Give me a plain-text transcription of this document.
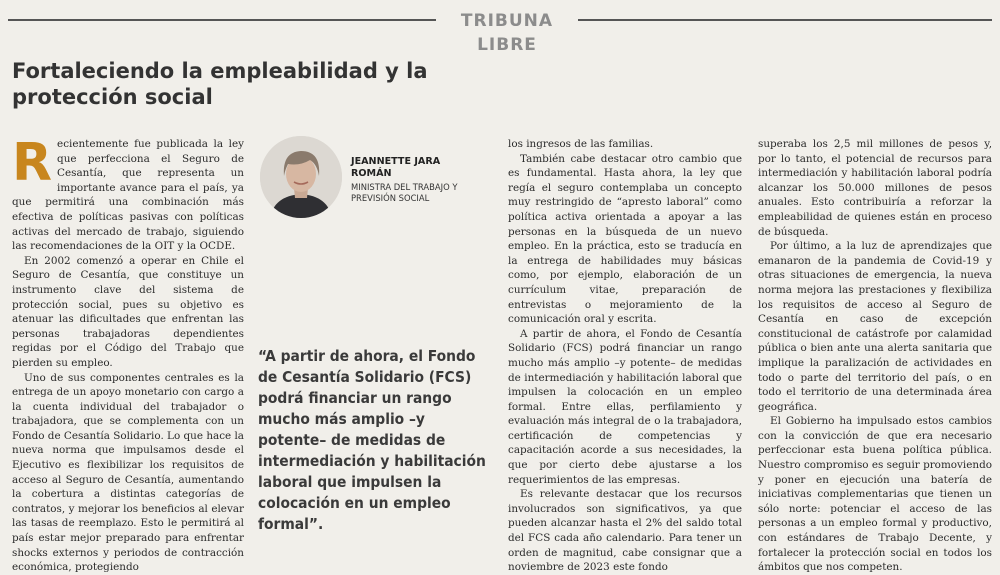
TRIBUNA LIBRE
Fortaleciendo la empleabilidad y la protección social

Recientemente fue publicada la ley que perfecciona el Seguro de Cesantía, que representa un importante avance para el país, ya que permitirá una combinación más efectiva de políticas pasivas con políticas activas del mercado de trabajo, siguiendo las recomendaciones de la OIT y la OCDE.

En 2002 comenzó a operar en Chile el Seguro de Cesantía, que constituye un instrumento clave del sistema de protección social, pues su objetivo es atenuar las dificultades que enfrentan las personas trabajadoras dependientes regidas por el Código del Trabajo que pierden su empleo.

Uno de sus componentes centrales es la entrega de un apoyo monetario con cargo a la cuenta individual del trabajador o trabajadora, que se complementa con un Fondo de Cesantía Solidario. Lo que hace la nueva norma que impulsamos desde el Ejecutivo es flexibilizar los requisitos de acceso al Seguro de Cesantía, aumentando la cobertura a distintas categorías de contratos, y mejorar los beneficios al elevar las tasas de reemplazo. Esto le permitirá al país estar mejor preparado para enfrentar shocks externos y periodos de contracción económica, protegiendo

JEANNETTE JARA ROMÁN

MINISTRA DEL TRABAJO Y PREVISIÓN SOCIAL

“A partir de ahora, el Fondo de Cesantía Solidario (FCS) podrá financiar un rango mucho más amplio –y potente– de medidas de intermediación y habilitación laboral que impulsen la colocación en un empleo formal”.

los ingresos de las familias.

También cabe destacar otro cambio que es fundamental. Hasta ahora, la ley que regía el seguro contemplaba un concepto muy restringido de “apresto laboral” como política activa orientada a apoyar a las personas en la búsqueda de un nuevo empleo. En la práctica, esto se traducía en la entrega de habilidades muy básicas como, por ejemplo, elaboración de un currículum vitae, preparación de entrevistas o mejoramiento de la comunicación oral y escrita.

A partir de ahora, el Fondo de Cesantía Solidario (FCS) podrá financiar un rango mucho más amplio –y potente– de medidas de intermediación y habilitación laboral que impulsen la colocación en un empleo formal. Entre ellas, perfilamiento y evaluación más integral de o la trabajadora, certificación de competencias y capacitación acorde a sus necesidades, la que por cierto debe ajustarse a los requerimientos de las empresas.

Es relevante destacar que los recursos involucrados son significativos, ya que pueden alcanzar hasta el 2% del saldo total del FCS cada año calendario. Para tener un orden de magnitud, cabe consignar que a noviembre de 2023 este fondo

superaba los 2,5 mil millones de pesos y, por lo tanto, el potencial de recursos para intermediación y habilitación laboral podría alcanzar los 50.000 millones de pesos anuales. Esto contribuiría a reforzar la empleabilidad de quienes están en proceso de búsqueda.

Por último, a la luz de aprendizajes que emanaron de la pandemia de Covid-19 y otras situaciones de emergencia, la nueva norma mejora las prestaciones y flexibiliza los requisitos de acceso al Seguro de Cesantía en caso de excepción constitucional de catástrofe por calamidad pública o bien ante una alerta sanitaria que implique la paralización de actividades en todo o parte del territorio del país, o en todo el territorio de una determinada área geográfica.

El Gobierno ha impulsado estos cambios con la convicción de que era necesario perfeccionar esta buena política pública. Nuestro compromiso es seguir promoviendo y poner en ejecución una batería de iniciativas complementarias que tienen un sólo norte: potenciar el acceso de las personas a un empleo formal y productivo, con estándares de Trabajo Decente, y fortalecer la protección social en todos los ámbitos que nos competen.
